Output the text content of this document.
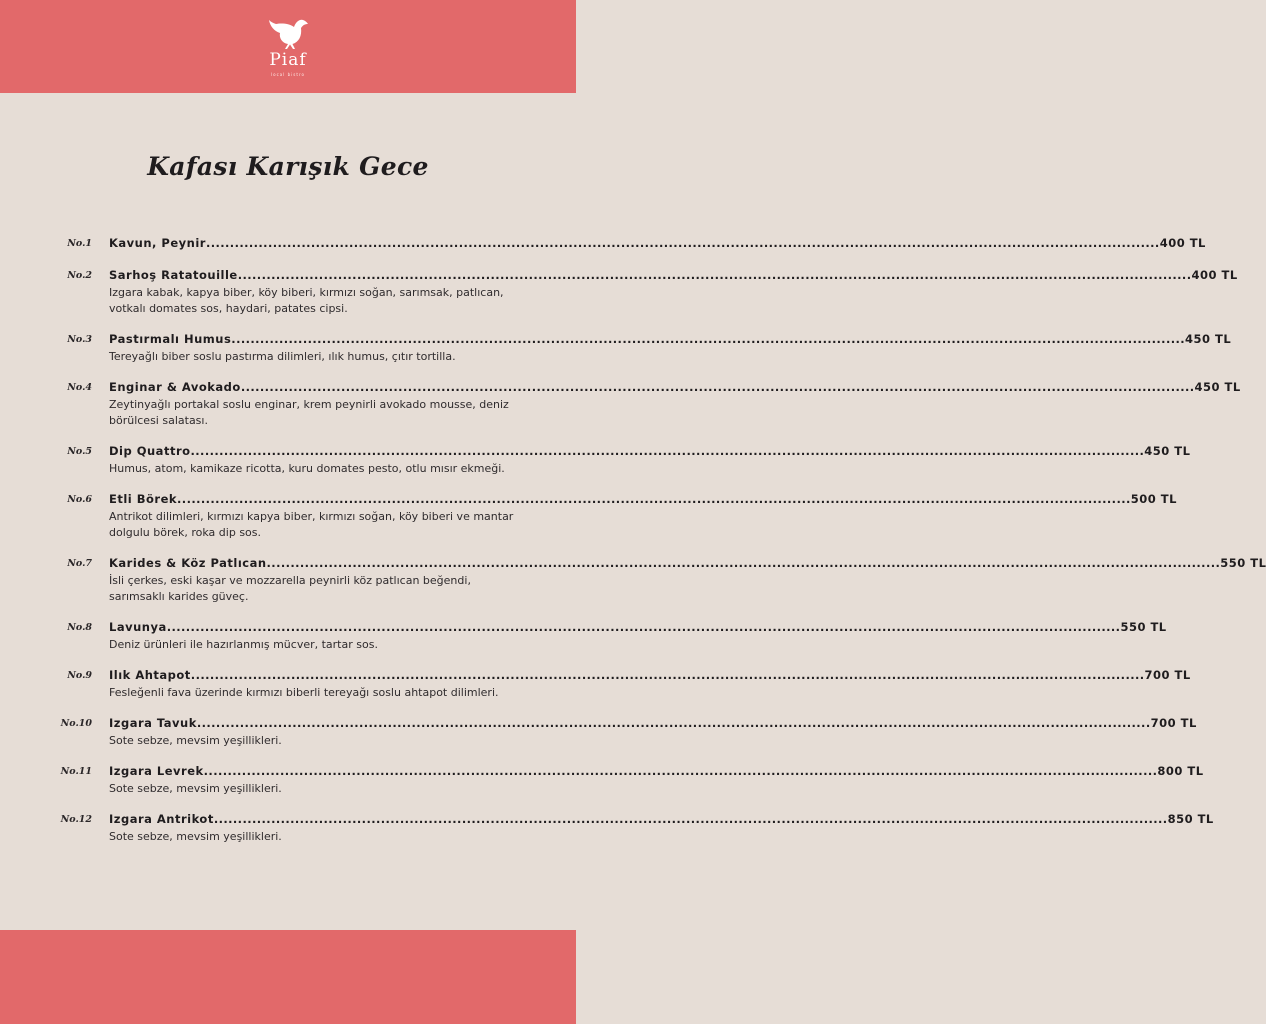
Piaf
local bistro
Kafası Karışık Gece
No.1 Kavun, Peynir ........................................................................................................................................................................................................ 400 TL
No.2 Sarhoş Ratatouille ........................................................................................................................................................................................................ 400 TL
Izgara kabak, kapya biber, köy biberi, kırmızı soğan, sarımsak, patlıcan, votkalı domates sos, haydari, patates cipsi.
No.3 Pastırmalı Humus ........................................................................................................................................................................................................ 450 TL
Tereyağlı biber soslu pastırma dilimleri, ılık humus, çıtır tortilla.
No.4 Enginar & Avokado ........................................................................................................................................................................................................ 450 TL
Zeytinyağlı portakal soslu enginar, krem peynirli avokado mousse, deniz börülcesi salatası.
No.5 Dip Quattro ........................................................................................................................................................................................................ 450 TL
Humus, atom, kamikaze ricotta, kuru domates pesto, otlu mısır ekmeği.
No.6 Etli Börek ........................................................................................................................................................................................................ 500 TL
Antrikot dilimleri, kırmızı kapya biber, kırmızı soğan, köy biberi ve mantar dolgulu börek, roka dip sos.
No.7 Karides & Köz Patlıcan ........................................................................................................................................................................................................ 550 TL
İsli çerkes, eski kaşar ve mozzarella peynirli köz patlıcan beğendi, sarımsaklı karides güveç.
No.8 Lavunya ........................................................................................................................................................................................................ 550 TL
Deniz ürünleri ile hazırlanmış mücver, tartar sos.
No.9 Ilık Ahtapot ........................................................................................................................................................................................................ 700 TL
Fesleğenli fava üzerinde kırmızı biberli tereyağı soslu ahtapot dilimleri.
No.10 Izgara Tavuk ........................................................................................................................................................................................................ 700 TL
Sote sebze, mevsim yeşillikleri.
No.11 Izgara Levrek ........................................................................................................................................................................................................ 800 TL
Sote sebze, mevsim yeşillikleri.
No.12 Izgara Antrikot ........................................................................................................................................................................................................ 850 TL
Sote sebze, mevsim yeşillikleri.
